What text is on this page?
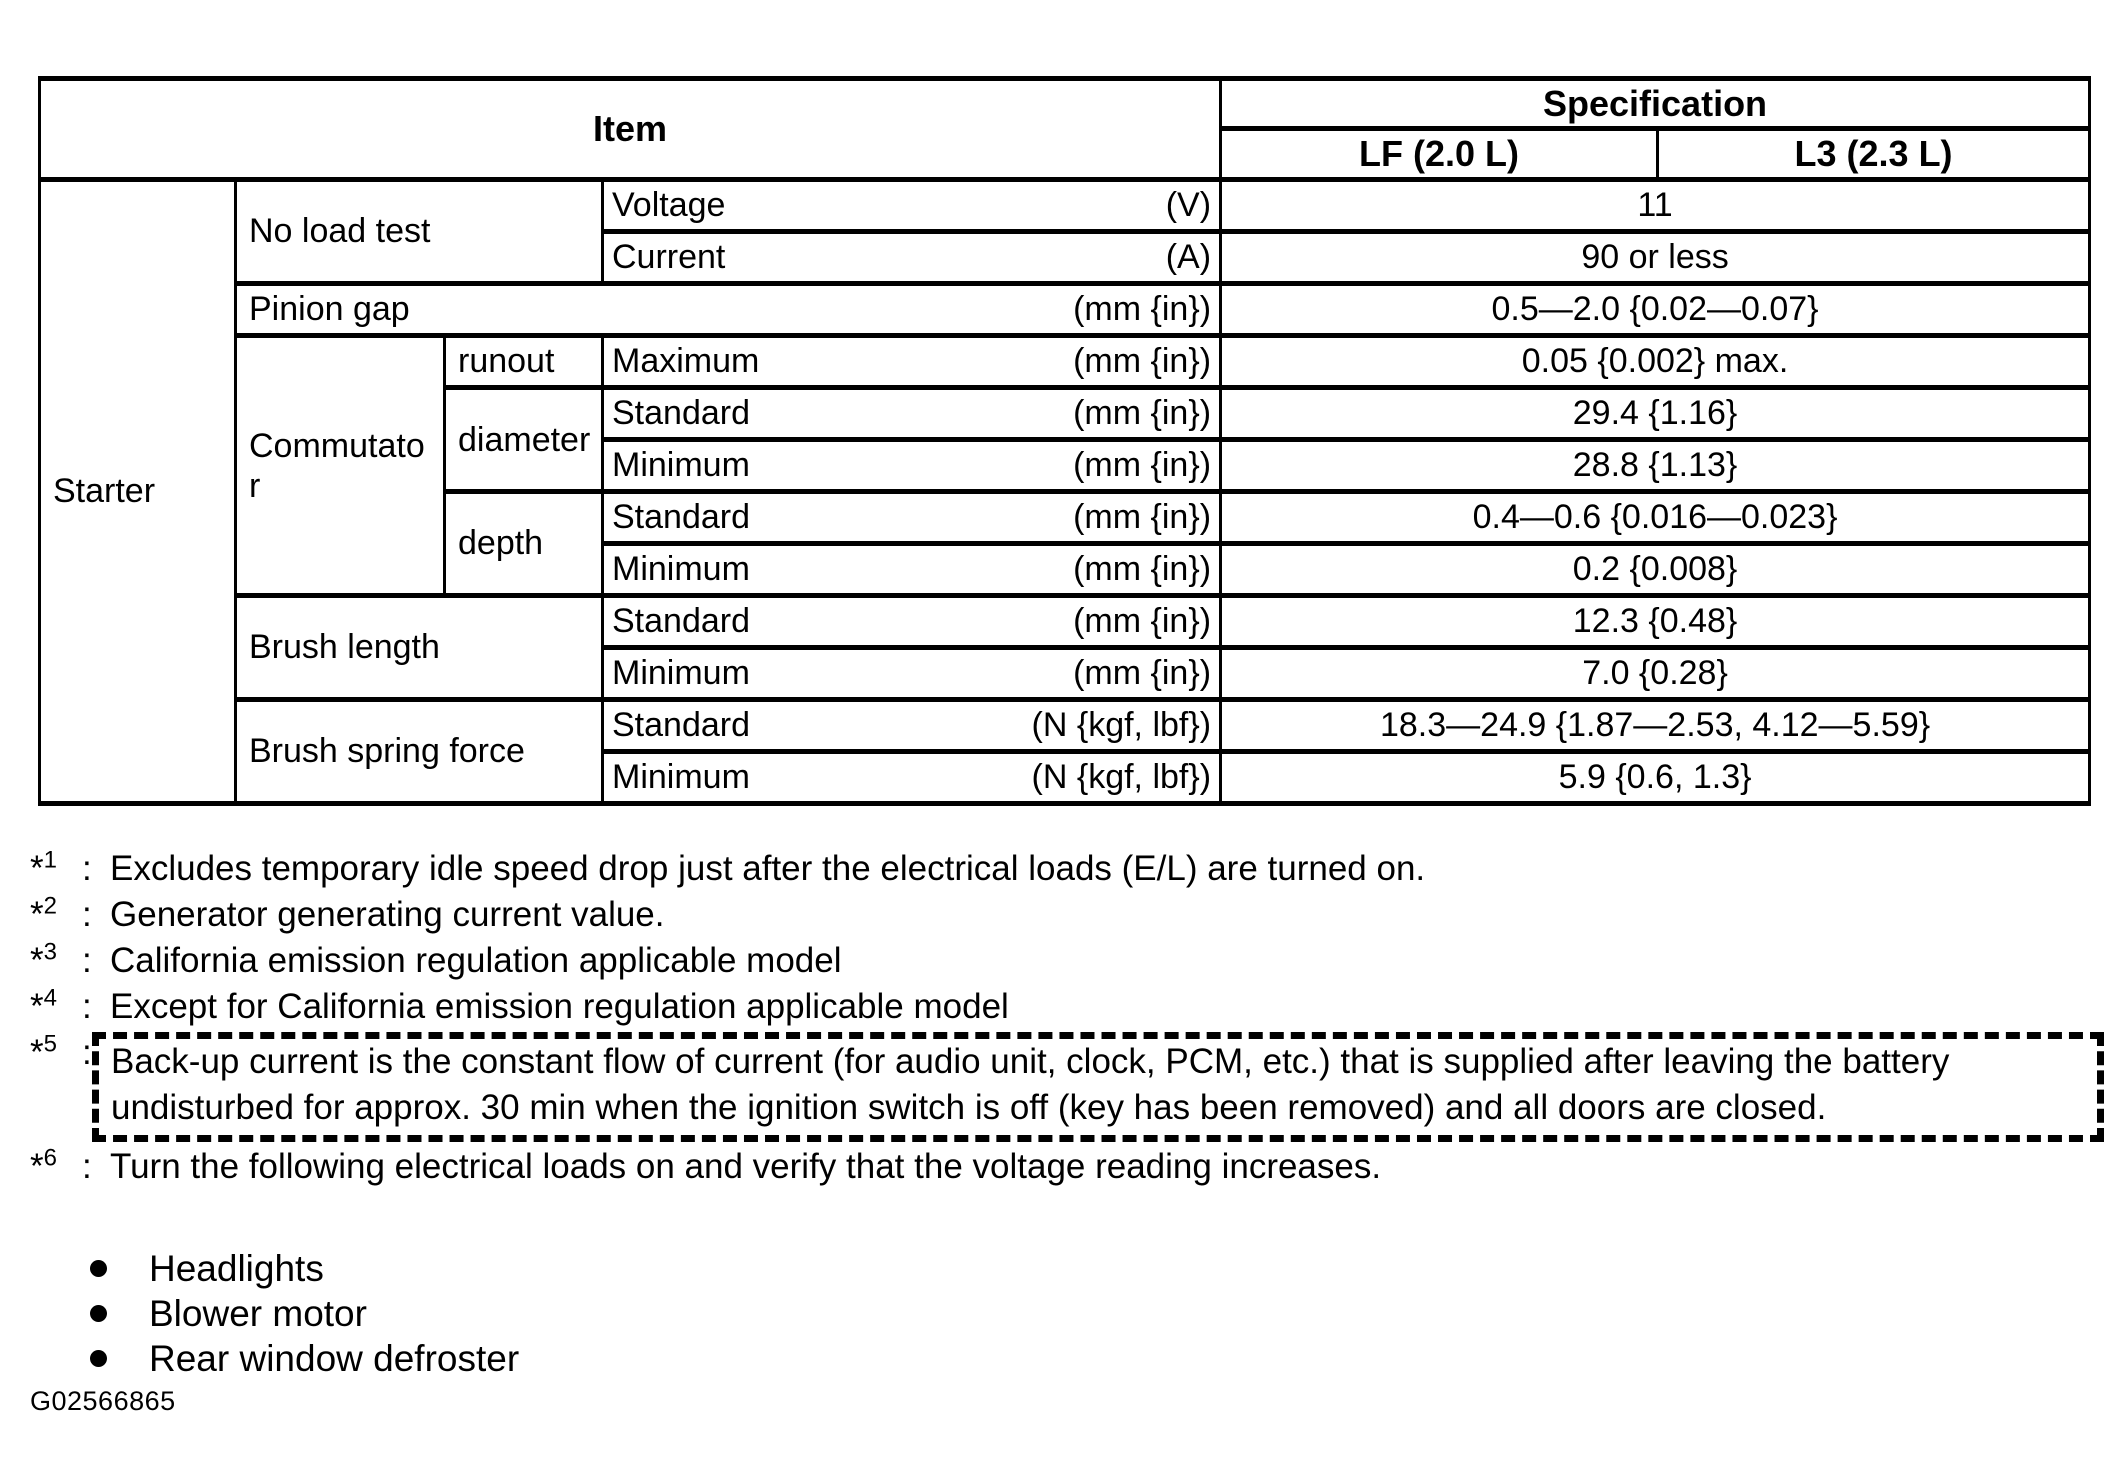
Item				Specification	
				LF (2.0 L)	L3 (2.3 L)
Starter	No load test		Voltage (V)	11	

			Current (A)	90 or less	

	Pinion gap (mm {in})			0.5—2.0 {0.02—0.07}	
	Commutator	runout	Maximum (mm {in})	0.05 {0.002} max.	
		diameter	Standard (mm {in})	29.4 {1.16}	

			Minimum (mm {in})	28.8 {1.13}	
		depth	Standard (mm {in})	0.4—0.6 {0.016—0.023}	

			Minimum (mm {in})	0.2 {0.008}	
	Brush length		Standard (mm {in})	12.3 {0.48}	

			Minimum (mm {in})	7.0 {0.28}	
	Brush spring force		Standard (N {kgf, lbf})	18.3—24.9 {1.87—2.53, 4.12—5.59}	

			Minimum (N {kgf, lbf})	5.9 {0.6, 1.3}	
*$^1$ : Excludes temporary idle speed drop just after the electrical loads (E/L) are turned on.
*$^2$ : Generator generating current value.
*$^3$ : California emission regulation applicable model
*$^4$ : Except for California emission regulation applicable model
*$^5$ : Back-up current is the constant flow of current (for audio unit, clock, PCM, etc.) that is supplied after leaving the battery undisturbed for approx. 30 min when the ignition switch is off (key has been removed) and all doors are closed.
*$^6$ : Turn the following electrical loads on and verify that the voltage reading increases.
Headlights
Blower motor
Rear window defroster
G02566865
